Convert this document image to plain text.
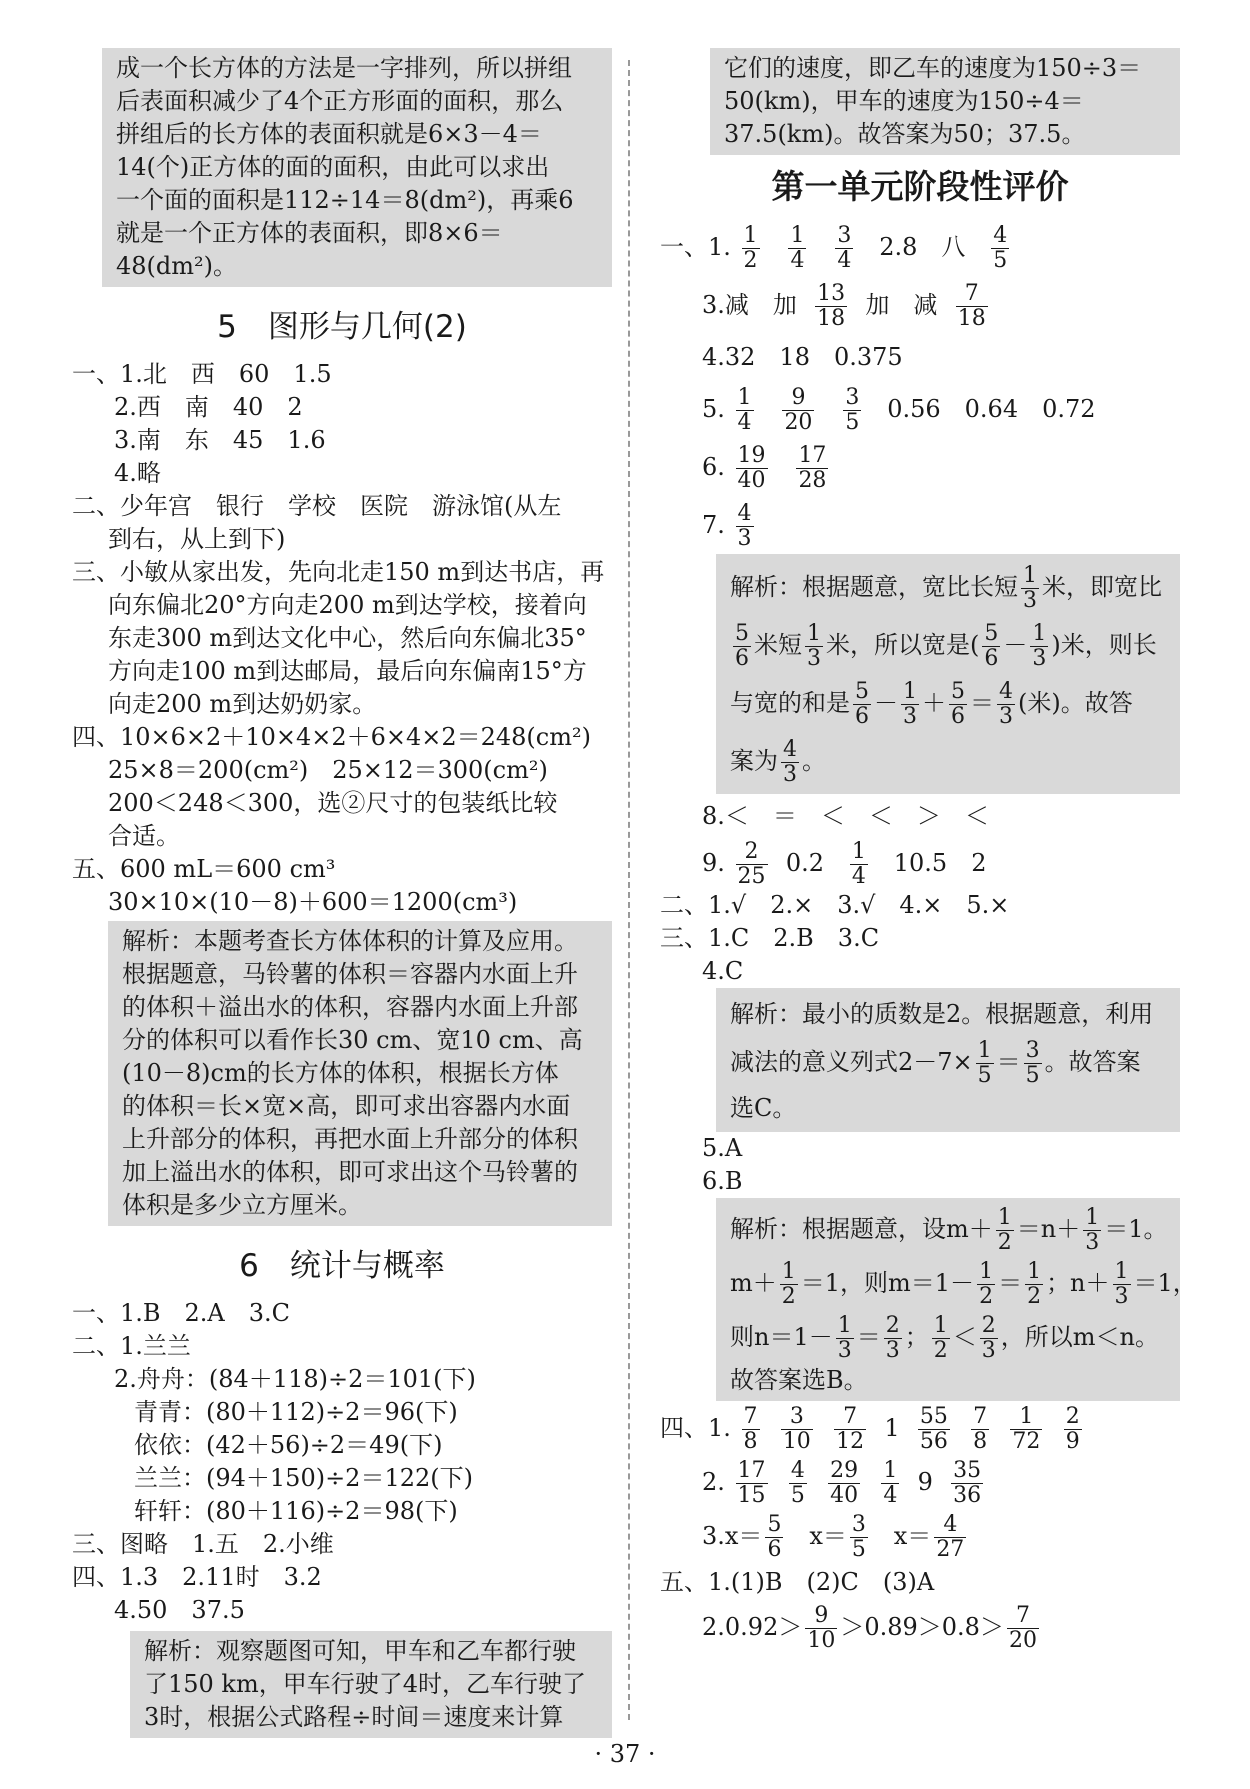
成一个长方体的方法是一字排列，所以拼组
后表面积减少了4个正方形面的面积，那么
拼组后的长方体的表面积就是6×3－4＝
14(个)正方体的面的面积，由此可以求出
一个面的面积是112÷14＝8(dm²)，再乘6
就是一个正方体的表面积，即8×6＝
48(dm²)。
5　图形与几何(2)
一、1.北　西　60　1.5
2.西　南　40　2
3.南　东　45　1.6
4.略
二、少年宫　银行　学校　医院　游泳馆(从左
到右，从上到下)
三、小敏从家出发，先向北走150 m到达书店，再
向东偏北20°方向走200 m到达学校，接着向
东走300 m到达文化中心，然后向东偏北35°
方向走100 m到达邮局，最后向东偏南15°方
向走200 m到达奶奶家。
四、10×6×2＋10×4×2＋6×4×2＝248(cm²)
25×8＝200(cm²)　25×12＝300(cm²)
200＜248＜300，选②尺寸的包装纸比较
合适。
五、600 mL＝600 cm³
30×10×(10－8)＋600＝1200(cm³)
解析：本题考查长方体体积的计算及应用。
根据题意，马铃薯的体积＝容器内水面上升
的体积＋溢出水的体积，容器内水面上升部
分的体积可以看作长30 cm、宽10 cm、高
(10－8)cm的长方体的体积，根据长方体
的体积＝长×宽×高，即可求出容器内水面
上升部分的体积，再把水面上升部分的体积
加上溢出水的体积，即可求出这个马铃薯的
体积是多少立方厘米。
6　统计与概率
一、1.B　2.A　3.C
二、1.兰兰
2.舟舟：(84＋118)÷2＝101(下)
青青：(80＋112)÷2＝96(下)
依依：(42＋56)÷2＝49(下)
兰兰：(94＋150)÷2＝122(下)
轩轩：(80＋116)÷2＝98(下)
三、图略　1.五　2.小维
四、1.3　2.11时　3.2
4.50　37.5
解析：观察题图可知，甲车和乙车都行驶
了150 km，甲车行驶了4时，乙车行驶了
3时，根据公式路程÷时间＝速度来计算
它们的速度，即乙车的速度为150÷3＝
50(km)，甲车的速度为150÷4＝
37.5(km)。故答案为50；37.5。
第一单元阶段性评价
一、1. $\frac{1}{2}$
$\frac{1}{4}$
$\frac{3}{4} 2.8$　八 $\frac{4}{5}$
3.减　加 $\frac{13}{18}$ 加　减 $\frac{7}{18}$
4.32　18　0.375
5. $\frac{1}{4}$
$\frac{9}{20}$
$\frac{3}{5} 0.56$　0.64　0.72
6. $\frac{19}{40}$
$\frac{17}{28}$
7. $\frac{4}{3}$
解析：根据题意，宽比长短 $\frac{1}{3}$ 米，即宽比
$\frac{5}{6}$ 米短 $\frac{1}{3}$ 米，所以宽是( $\frac{5}{6} - \frac{1}{3}$ )米，则长
与宽的和是 $\frac{5}{6} - \frac{1}{3} + \frac{5}{6} = \frac{4}{3}$ (米)。故答
案为 $\frac{4}{3}$ 。
8.＜　＝　＜　＜　＞　＜
9. $\frac{2}{25} 0.2 \frac{1}{4} 10.5$　2
二、1.√　2.×　3.√　4.×　5.×
三、1.C　2.B　3.C
4.C
解析：最小的质数是2。根据题意，利用
减法的意义列式$2-7\times \frac{1}{5} = \frac{3}{5}$ 。故答案
选C。
5.A
6.B
解析：根据题意，设$m+ \frac{1}{2} =n+ \frac{1}{3} =1$。
$m+ \frac{1}{2} =1$，则$m=1- \frac{1}{2} = \frac{1}{2}$ ；$n+ \frac{1}{3} =1$，
则$n=1- \frac{1}{3} = \frac{2}{3}$ ； $\frac{1}{2} < \frac{2}{3}$ ，所以m＜n。
故答案选B。
四、1. $\frac{7}{8}$
$\frac{3}{10}$
$\frac{7}{12} 1 \frac{55}{56}$
$\frac{7}{8}$
$\frac{1}{72}$
$\frac{2}{9}$
2. $\frac{17}{15}$
$\frac{4}{5}$
$\frac{29}{40}$
$\frac{1}{4} 9 \frac{35}{36}$
$3.x= \frac{5}{6} x= \frac{3}{5} x= \frac{4}{27}$
五、1.(1)B　(2)C　(3)A
$2.0.92> \frac{9}{10} >0.89>0.8> \frac{7}{20}$
· 37 ·
